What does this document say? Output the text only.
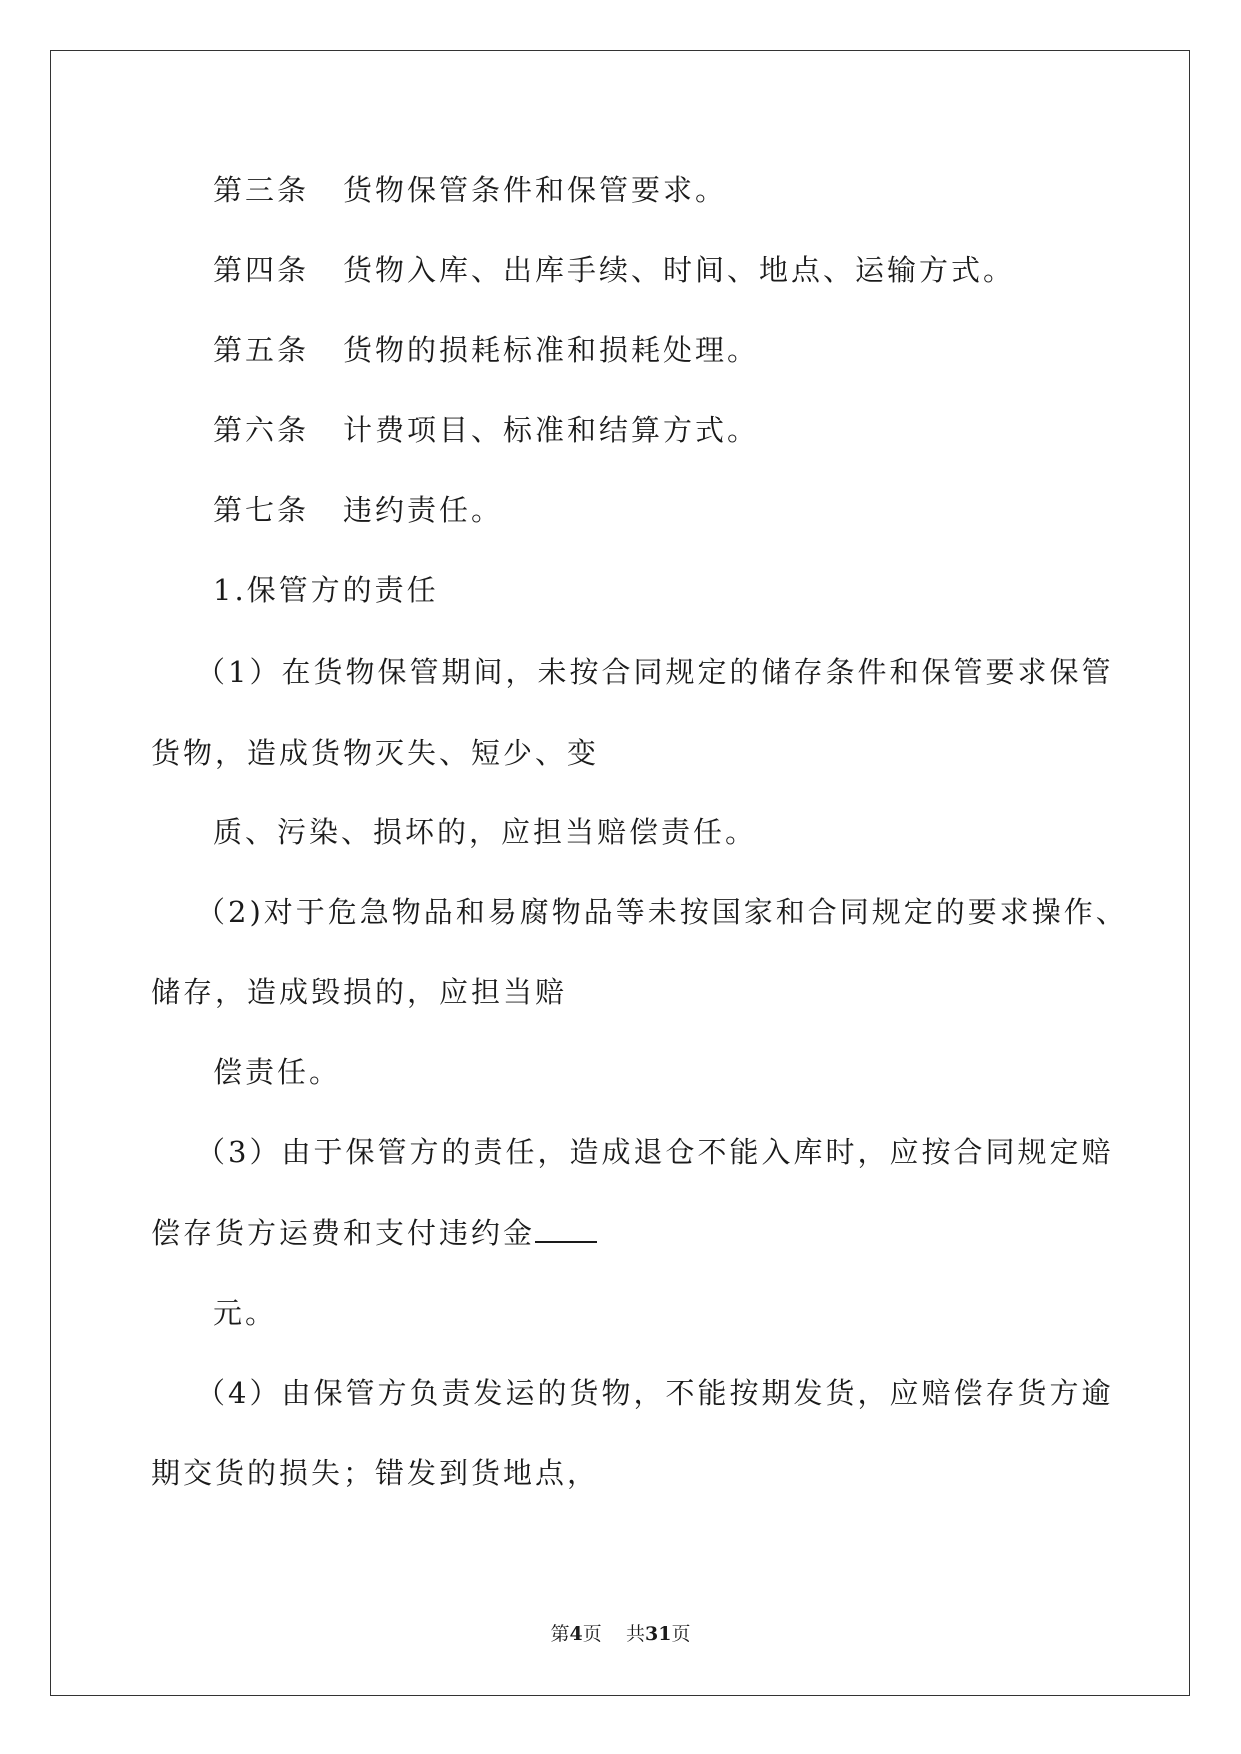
第三条 货物保管条件和保管要求。
第四条 货物入库、出库手续、时间、地点、运输方式。
第五条 货物的损耗标准和损耗处理。
第六条 计费项目、标准和结算方式。
第七条 违约责任。
1.保管方的责任
（1）在货物保管期间，未按合同规定的储存条件和保管要求保管
货物，造成货物灭失、短少、变
质、污染、损坏的，应担当赔偿责任。
（2)对于危急物品和易腐物品等未按国家和合同规定的要求操作、
储存，造成毁损的，应担当赔
偿责任。
（3）由于保管方的责任，造成退仓不能入库时，应按合同规定赔
偿存货方运费和支付违约金
元。
（4）由保管方负责发运的货物，不能按期发货，应赔偿存货方逾
期交货的损失；错发到货地点，
第4页 共31页
